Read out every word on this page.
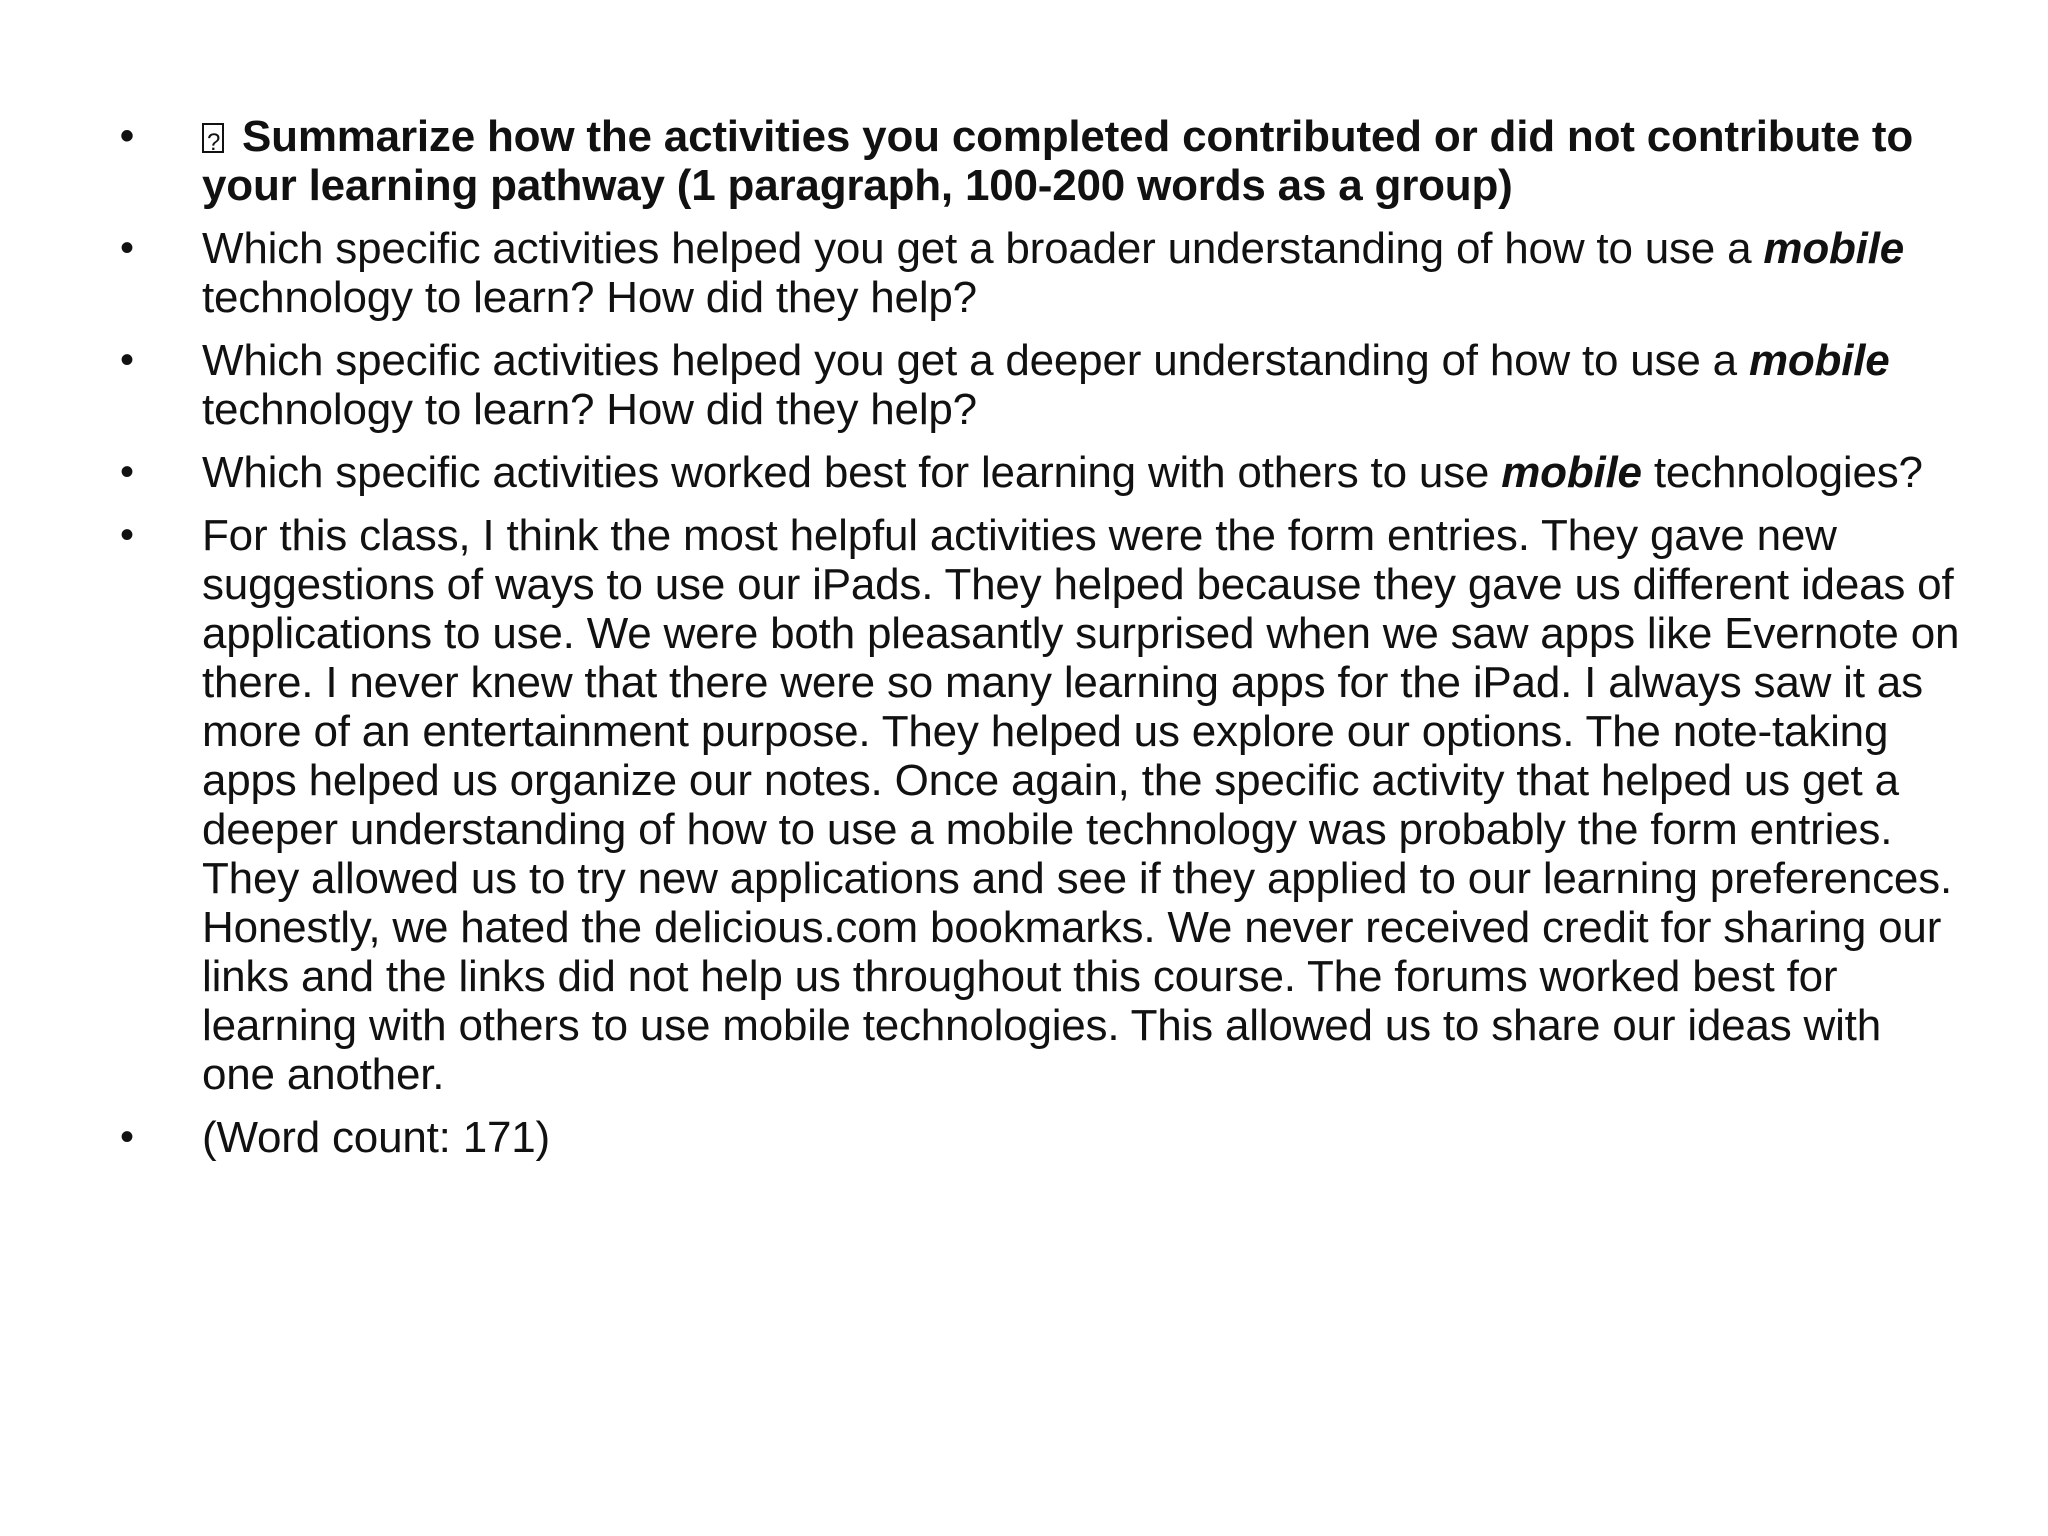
•
? Summarize how the activities you completed contributed or did not contribute to your learning pathway (1 paragraph, 100-200 words as a group)
• Which specific activities helped you get a broader understanding of how to use a mobile technology to learn? How did they help?
• Which specific activities helped you get a deeper understanding of how to use a mobile technology to learn? How did they help?
• Which specific activities worked best for learning with others to use mobile technologies?
• For this class, I think the most helpful activities were the form entries. They gave new suggestions of ways to use our iPads. They helped because they gave us different ideas of applications to use. We were both pleasantly surprised when we saw apps like Evernote on there. I never knew that there were so many learning apps for the iPad. I always saw it as more of an entertainment purpose. They helped us explore our options. The note-taking apps helped us organize our notes. Once again, the specific activity that helped us get a deeper understanding of how to use a mobile technology was probably the form entries. They allowed us to try new applications and see if they applied to our learning preferences. Honestly, we hated the delicious.com bookmarks. We never received credit for sharing our links and the links did not help us throughout this course. The forums worked best for learning with others to use mobile technologies. This allowed us to share our ideas with one another.
• (Word count: 171)
